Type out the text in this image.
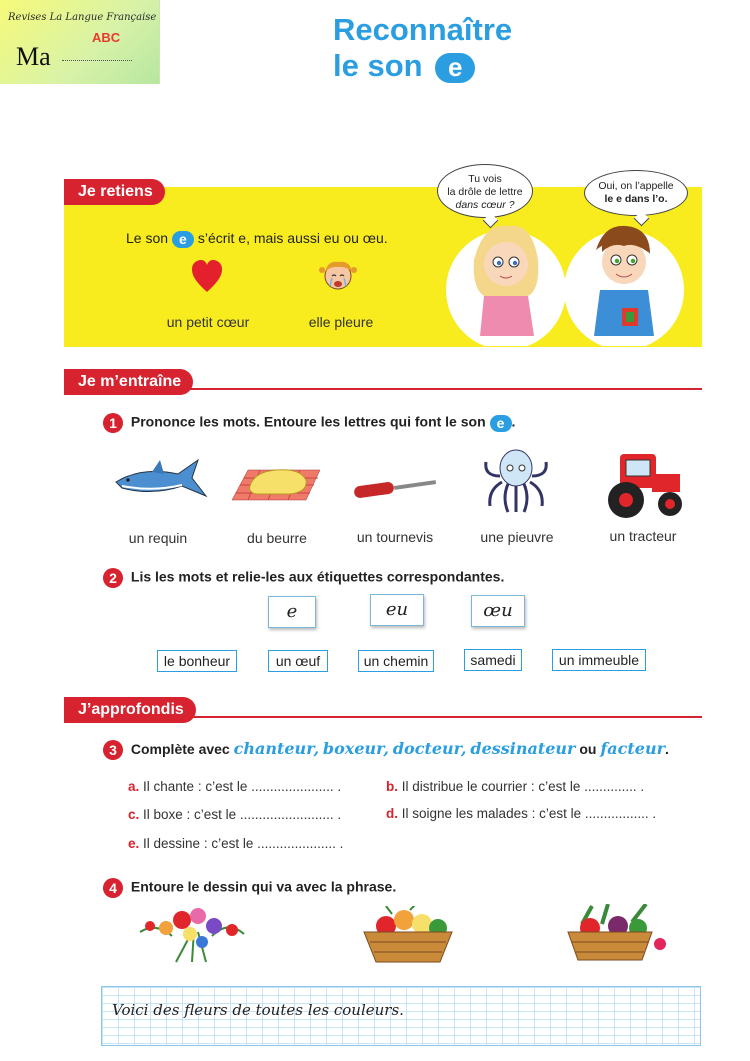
Revises La Langue Française
Ma
ABC	Reconnaître
le son e
Je retiens
Le son e s’écrit e, mais aussi eu ou œu.
un petit cœur	elle pleure
Tu vois
la drôle de lettre
dans cœur ?
Oui, on l’appelle
le e dans l’o.
Je m’entraîne
1 Prononce les mots. Entoure les lettres qui font le son e .
un requin	du beurre	un tournevis	une pieuvre	un tracteur
2 Lis les mots et relie-les aux étiquettes correspondantes.
e	eu	œu
le bonheur	un œuf	un chemin	samedi	un immeuble
J’approfondis
3 Complète avec chanteur, boxeur, docteur, dessinateur ou facteur.
a. Il chante : c’est le ...................... .	b. Il distribue le courrier : c’est le .............. .
c. Il boxe : c’est le ......................... .	d. Il soigne les malades : c’est le ................. .
e. Il dessine : c’est le ..................... .
4 Entoure le dessin qui va avec la phrase.
Voici des fleurs de toutes les couleurs.
